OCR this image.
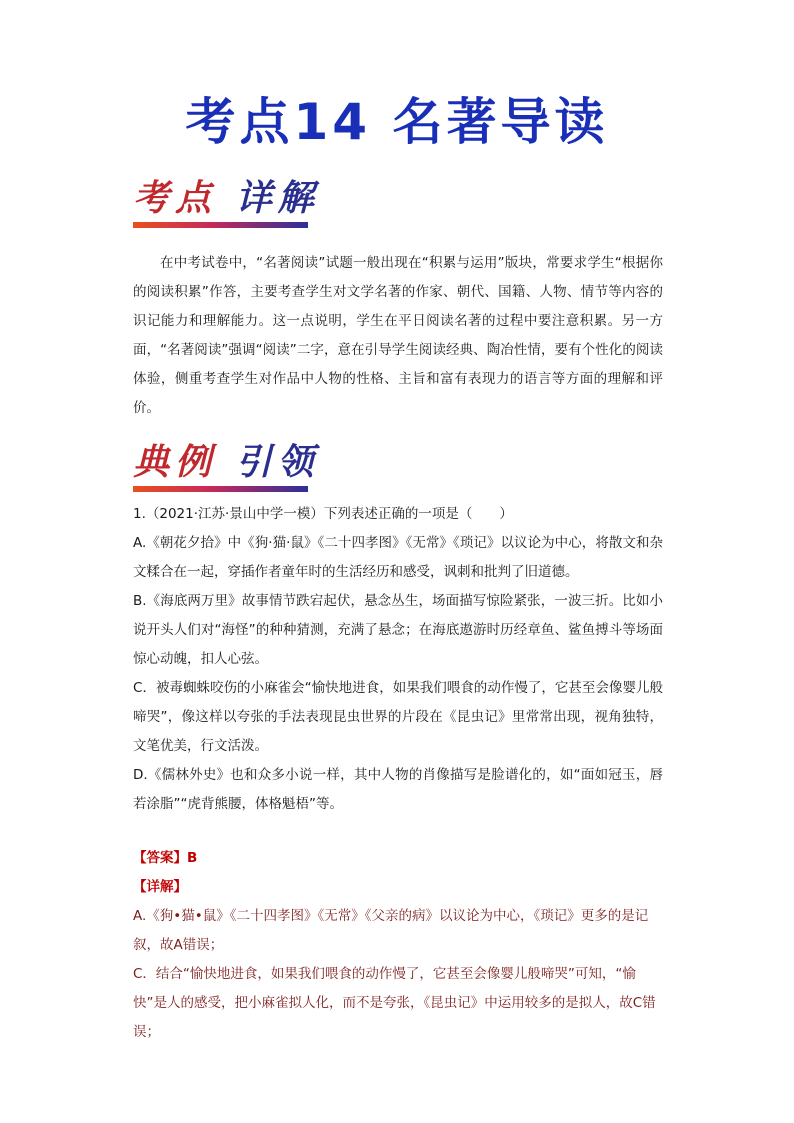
考点14 名著导读
考点 详解

在中考试卷中，“名著阅读”试题一般出现在“积累与运用”版块，常要求学生“根据你的阅读积累”作答，主要考查学生对文学名著的作家、朝代、国籍、人物、情节等内容的识记能力和理解能力。这一点说明，学生在平日阅读名著的过程中要注意积累。另一方面，“名著阅读”强调“阅读”二字，意在引导学生阅读经典、陶冶性情，要有个性化的阅读体验，侧重考查学生对作品中人物的性格、主旨和富有表现力的语言等方面的理解和评价。

典例 引领

1.（2021·江苏·景山中学一模）下列表述正确的一项是（　　）

A.《朝花夕拾》中《狗·猫·鼠》《二十四孝图》《无常》《琐记》以议论为中心，将散文和杂文糅合在一起，穿插作者童年时的生活经历和感受，讽刺和批判了旧道德。

B.《海底两万里》故事情节跌宕起伏，悬念丛生，场面描写惊险紧张，一波三折。比如小说开头人们对“海怪”的种种猜测，充满了悬念；在海底遨游时历经章鱼、鲨鱼搏斗等场面惊心动魄，扣人心弦。

C．被毒蜘蛛咬伤的小麻雀会“愉快地进食，如果我们喂食的动作慢了，它甚至会像婴儿般啼哭”，像这样以夸张的手法表现昆虫世界的片段在《昆虫记》里常常出现，视角独特，文笔优美，行文活泼。

D.《儒林外史》也和众多小说一样，其中人物的肖像描写是脸谱化的，如“面如冠玉，唇若涂脂”“虎背熊腰，体格魁梧”等。

【答案】B

【详解】

A.《狗•猫•鼠》《二十四孝图》《无常》《父亲的病》以议论为中心，《琐记》更多的是记叙，故A错误；

C．结合“愉快地进食，如果我们喂食的动作慢了，它甚至会像婴儿般啼哭”可知，“愉快”是人的感受，把小麻雀拟人化，而不是夸张，《昆虫记》中运用较多的是拟人，故C错误；
